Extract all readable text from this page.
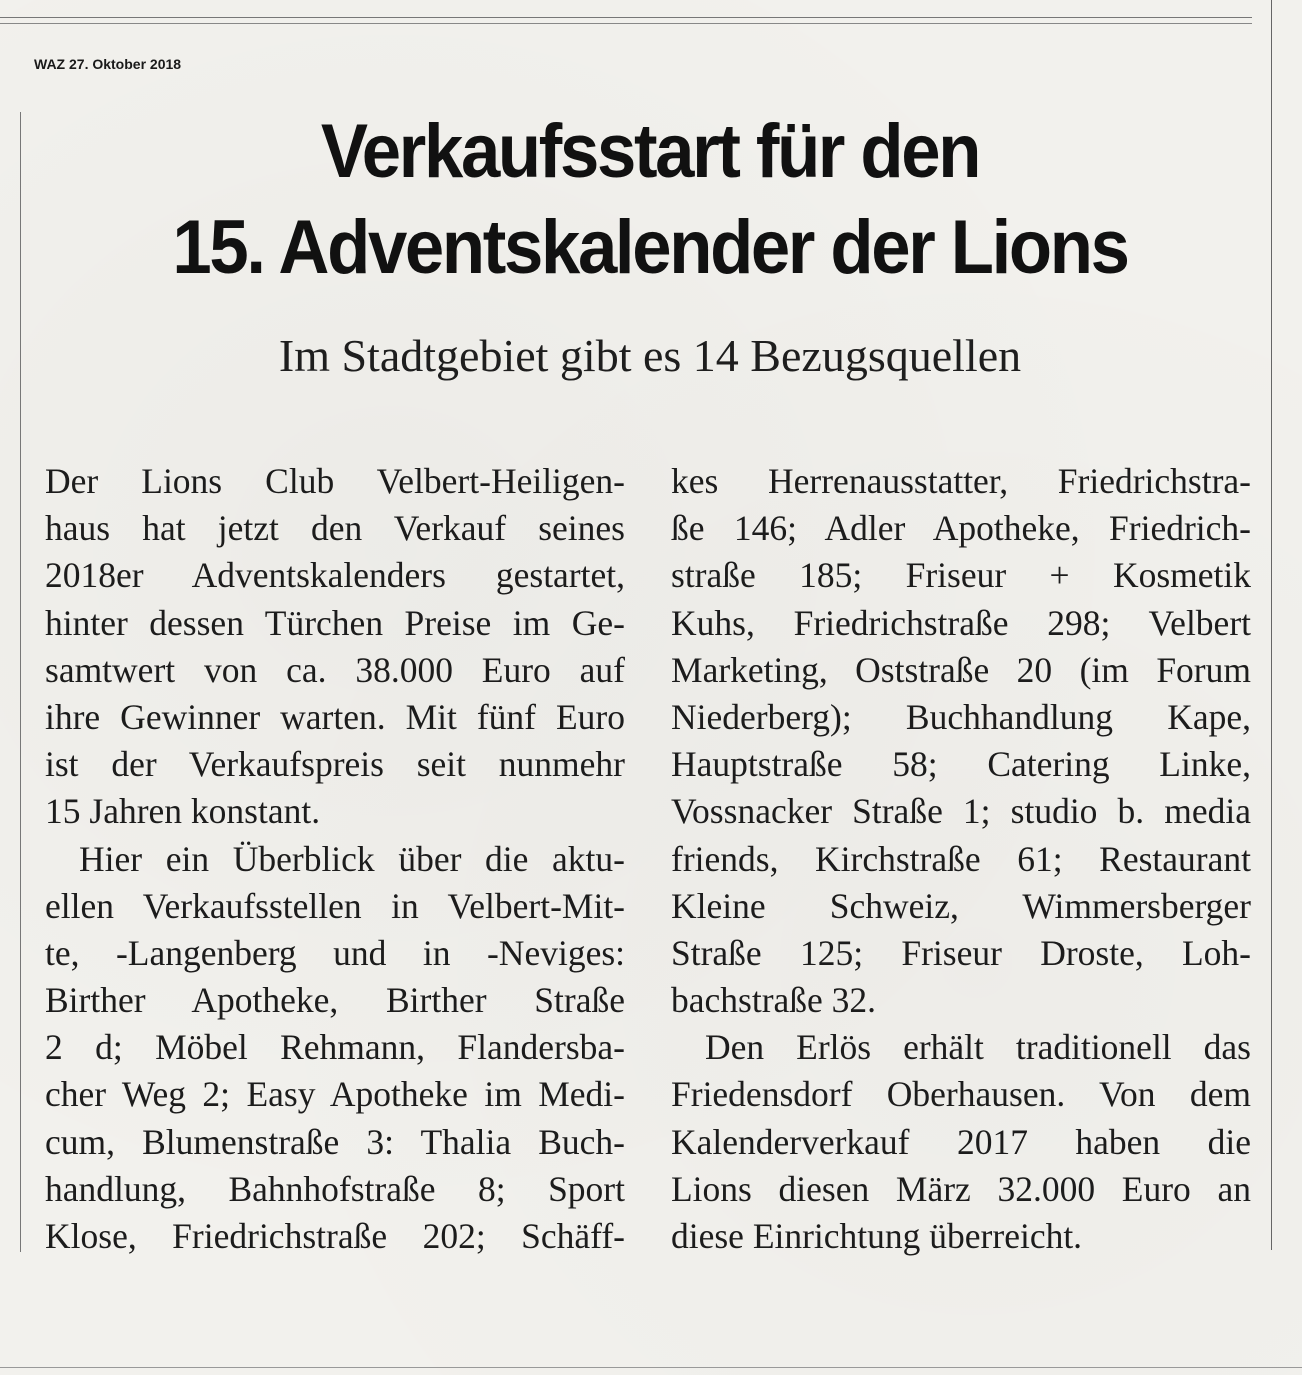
WAZ 27. Oktober 2018
Verkaufsstart für den
15. Adventskalender der Lions
Im Stadtgebiet gibt es 14 Bezugsquellen
Der Lions Club Velbert-Heiligen-
haus hat jetzt den Verkauf seines
2018er Adventskalenders gestartet,
hinter dessen Türchen Preise im Ge-
samtwert von ca. 38.000 Euro auf
ihre Gewinner warten. Mit fünf Euro
ist der Verkaufspreis seit nunmehr
15 Jahren konstant.
Hier ein Überblick über die aktu-
ellen Verkaufsstellen in Velbert-Mit-
te, -Langenberg und in -Neviges:
Birther Apotheke, Birther Straße
2 d; Möbel Rehmann, Flandersba-
cher Weg 2; Easy Apotheke im Medi-
cum, Blumenstraße 3: Thalia Buch-
handlung, Bahnhofstraße 8; Sport
Klose, Friedrichstraße 202; Schäff-
kes Herrenausstatter, Friedrichstra-
ße 146; Adler Apotheke, Friedrich-
straße 185; Friseur + Kosmetik
Kuhs, Friedrichstraße 298; Velbert
Marketing, Oststraße 20 (im Forum
Niederberg); Buchhandlung Kape,
Hauptstraße 58; Catering Linke,
Vossnacker Straße 1; studio b. media
friends, Kirchstraße 61; Restaurant
Kleine Schweiz, Wimmersberger
Straße 125; Friseur Droste, Loh-
bachstraße 32.
Den Erlös erhält traditionell das
Friedensdorf Oberhausen. Von dem
Kalenderverkauf 2017 haben die
Lions diesen März 32.000 Euro an
diese Einrichtung überreicht.
